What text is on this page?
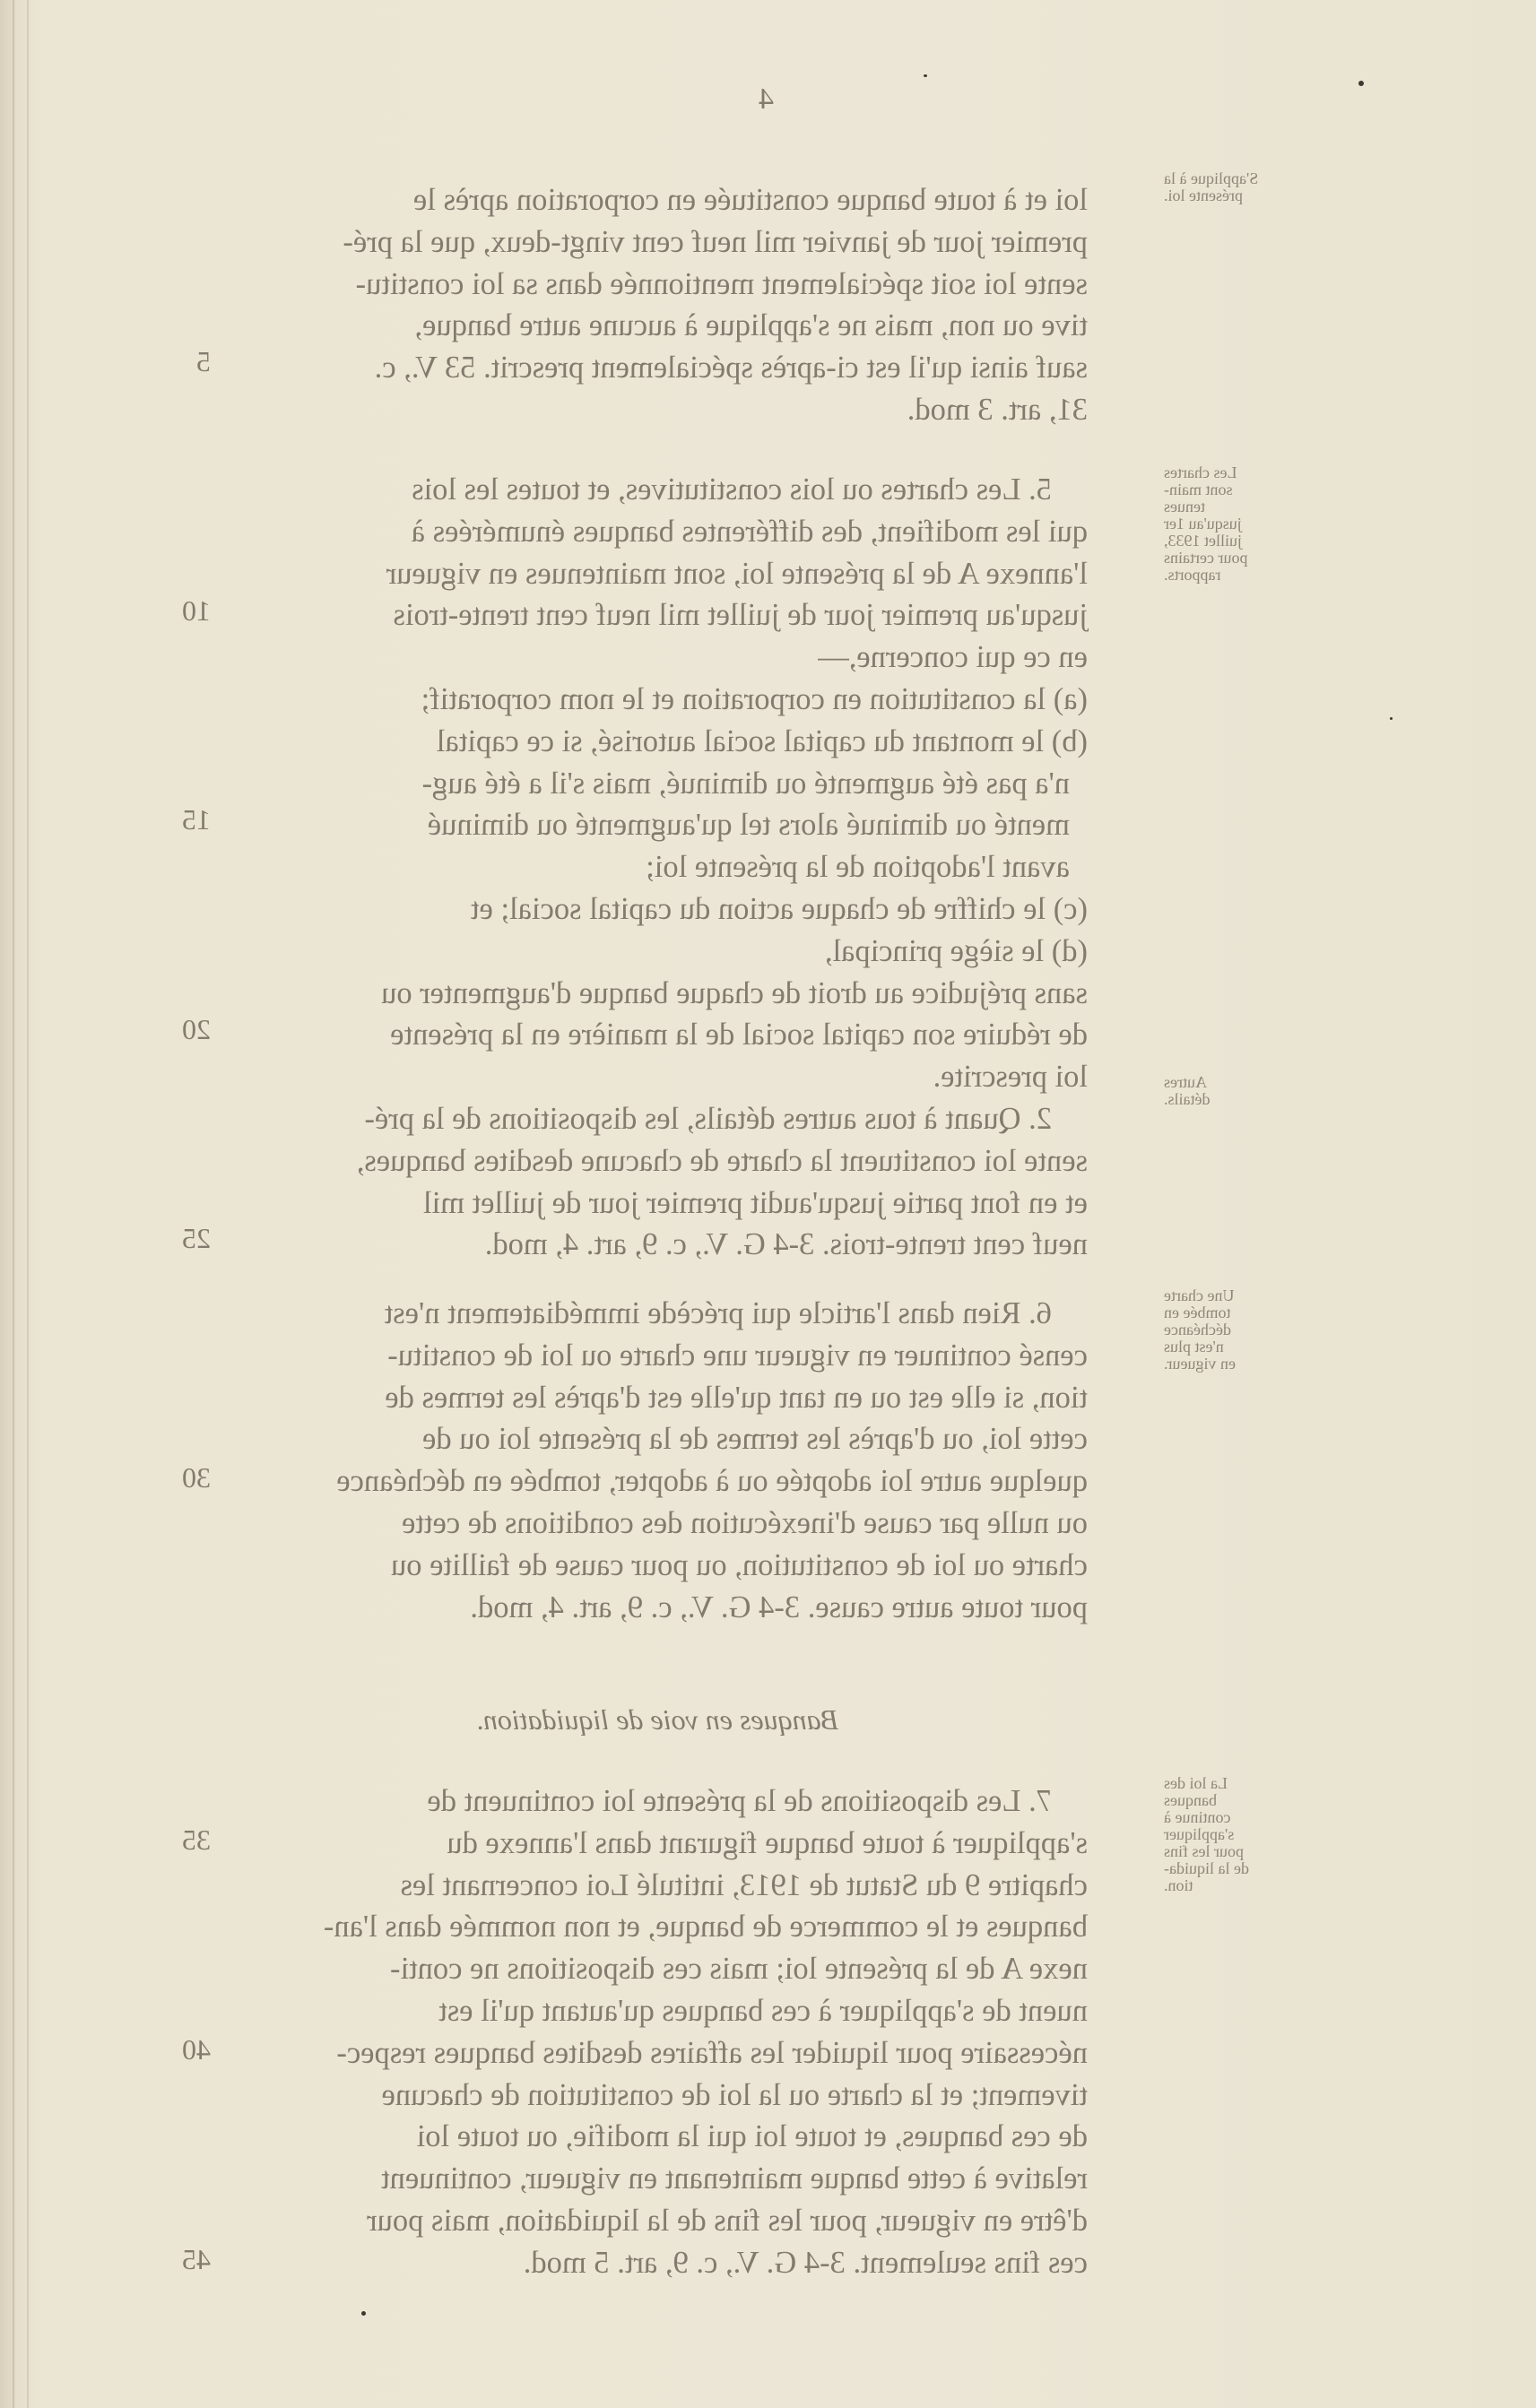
4

loi et à toute banque constituée en corporation après le

premier jour de janvier mil neuf cent vingt-deux, que la pré-

sente loi soit spécialement mentionnée dans sa loi constitu-

tive ou non, mais ne s'applique à aucune autre banque,

sauf ainsi qu'il est ci-après spécialement prescrit. 53 V., c.

31, art. 3 mod.

5. Les chartes ou lois constitutives, et toutes les lois

qui les modifient, des différentes banques énumérées à

l'annexe A de la présente loi, sont maintenues en vigueur

jusqu'au premier jour de juillet mil neuf cent trente-trois

en ce qui concerne,—

(a) la constitution en corporation et le nom corporatif;

(b) le montant du capital social autorisé, si ce capital

n'a pas été augmenté ou diminué, mais s'il a été aug-

menté ou diminué alors tel qu'augmenté ou diminué

avant l'adoption de la présente loi;

(c) le chiffre de chaque action du capital social; et

(d) le siège principal,

sans préjudice au droit de chaque banque d'augmenter ou

de réduire son capital social de la manière en la présente

loi prescrite.

2. Quant à tous autres détails, les dispositions de la pré-

sente loi constituent la charte de chacune desdites banques,

et en font partie jusqu'audit premier jour de juillet mil

neuf cent trente-trois. 3-4 G. V., c. 9, art. 4, mod.

6. Rien dans l'article qui précède immédiatement n'est

censé continuer en vigueur une charte ou loi de constitu-

tion, si elle est ou en tant qu'elle est d'après les termes de

cette loi, ou d'après les termes de la présente loi ou de

quelque autre loi adoptée ou à adopter, tombée en déchéance

ou nulle par cause d'inexécution des conditions de cette

charte ou loi de constitution, ou pour cause de faillite ou

pour toute autre cause. 3-4 G. V., c. 9, art. 4, mod.

Banques en voie de liquidation.

7. Les dispositions de la présente loi continuent de

s'appliquer à toute banque figurant dans l'annexe du

chapitre 9 du Statut de 1913, intitulé Loi concernant les

banques et le commerce de banque, et non nommée dans l'an-

nexe A de la présente loi; mais ces dispositions ne conti-

nuent de s'appliquer à ces banques qu'autant qu'il est

nécessaire pour liquider les affaires desdites banques respec-

tivement; et la charte ou la loi de constitution de chacune

de ces banques, et toute loi qui la modifie, ou toute loi

relative à cette banque maintenant en vigueur, continuent

d'être en vigueur, pour les fins de la liquidation, mais pour

ces fins seulement. 3-4 G. V., c. 9, art. 5 mod.

5
10
15
20
25
30
35
40
45
S'applique à la
présente loi.
Les chartes
sont main-
tenues
jusqu'au 1er
juillet 1933,
pour certains
rapports.
Autres
détails.
Une charte
tombée en
déchéance
n'est plus
en vigueur.
La loi des
banques
continue à
s'appliquer
pour les fins
de la liquida-
tion.
